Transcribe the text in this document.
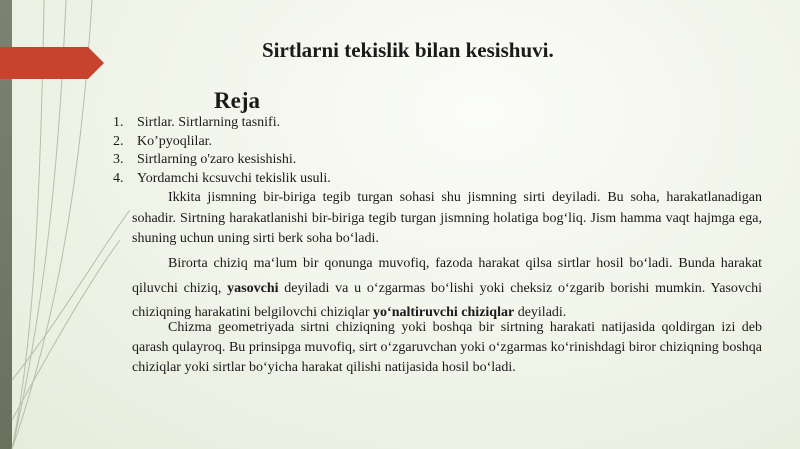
Sirtlarni tekislik bilan kesishuvi.
Reja
1. Sirtlar. Sirtlarning tasnifi.
2. Ko’pyoqlilar.
3. Sirtlarning o'zaro kesishishi.
4. Yordamchi kcsuvchi tekislik usuli.

Ikkita jismning bir-biriga tegib turgan sohasi shu jismning sirti deyiladi. Bu soha, harakatlanadigan sohadir. Sirtning harakatlanishi bir-biriga tegib turgan jismning holatiga bog‘liq. Jism hamma vaqt hajmga ega, shuning uchun uning sirti berk soha bo‘ladi.

Birorta chiziq ma‘lum bir qonunga muvofiq, fazoda harakat qilsa sirtlar hosil bo‘ladi. Bunda harakat qiluvchi chiziq, yasovchi deyiladi va u o‘zgarmas bo‘lishi yoki cheksiz o‘zgarib borishi mumkin. Yasovchi chiziqning harakatini belgilovchi chiziqlar yo‘naltiruvchi chiziqlar deyiladi.

Chizma geometriyada sirtni chiziqning yoki boshqa bir sirtning harakati natijasida qoldirgan izi deb qarash qulayroq. Bu prinsipga muvofiq, sirt o‘zgaruvchan yoki o‘zgarmas ko‘rinishdagi biror chiziqning boshqa chiziqlar yoki sirtlar bo‘yicha harakat qilishi natijasida hosil bo‘ladi.
